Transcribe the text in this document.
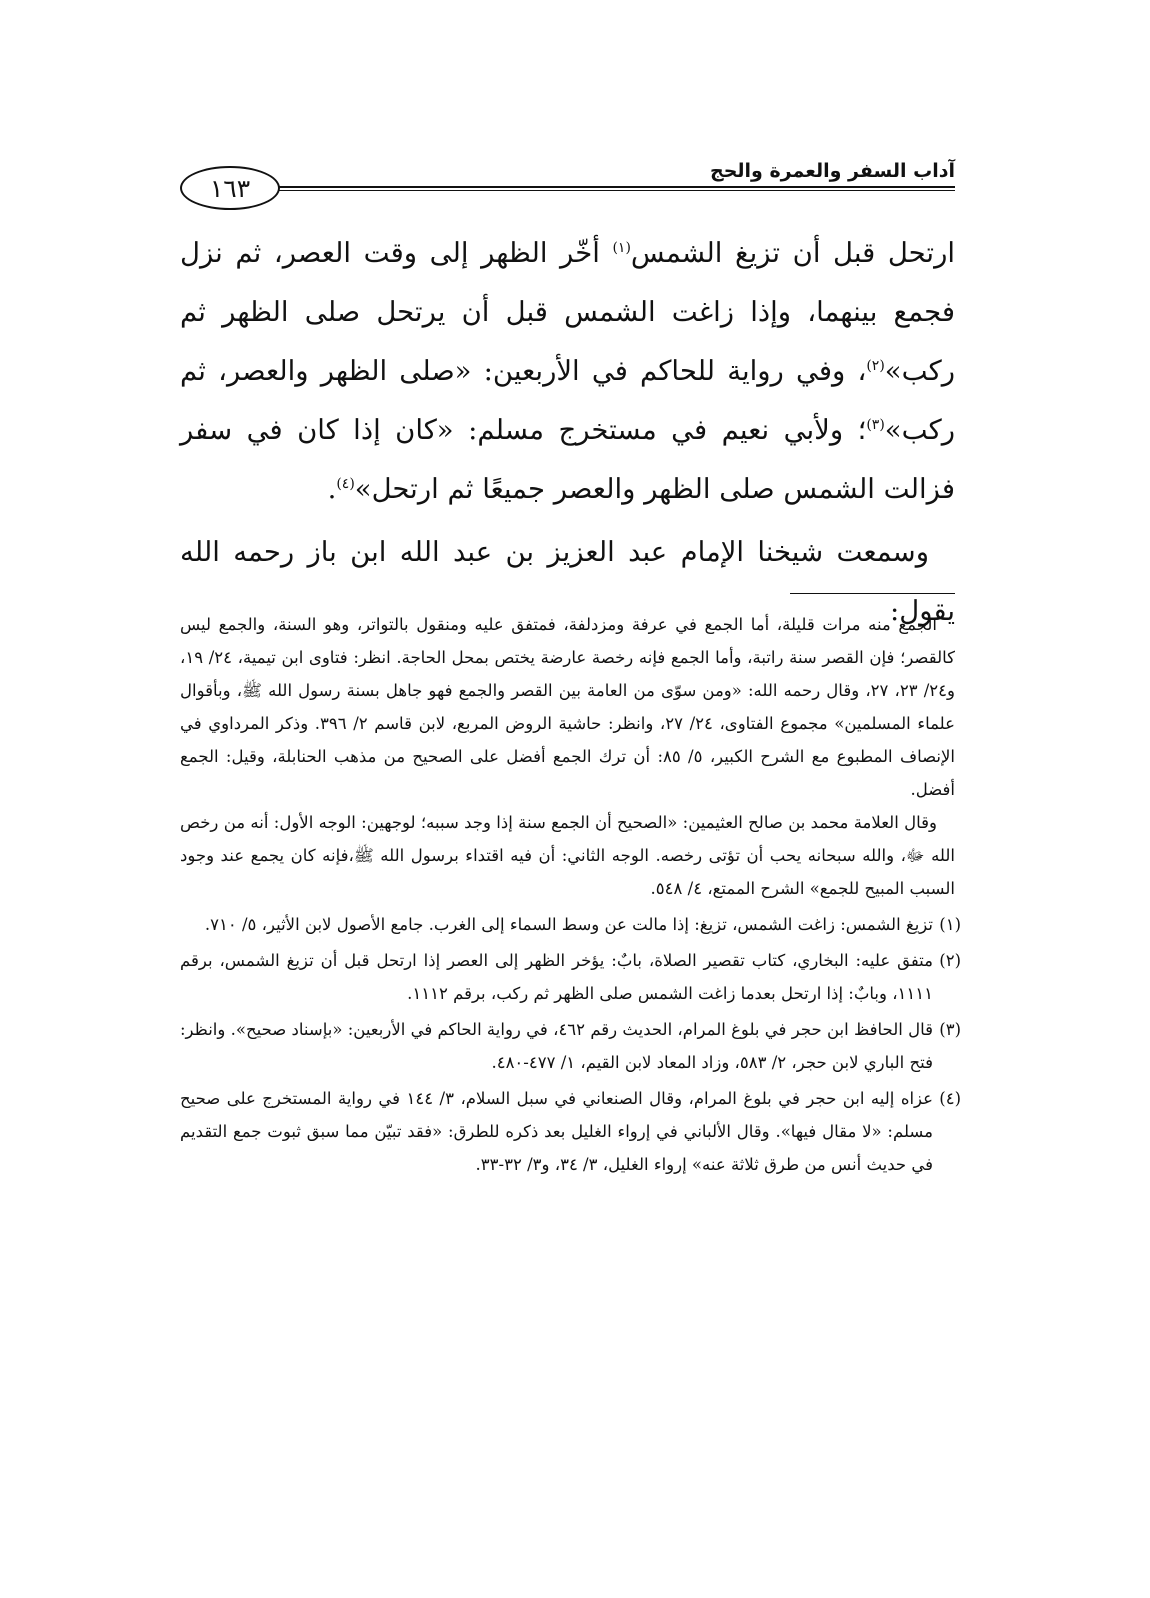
آداب السفر والعمرة والحج
١٦٣

ارتحل قبل أن تزيغ الشمس$^{(١)}$ أخّر الظهر إلى وقت العصر، ثم نزل فجمع بينهما، وإذا زاغت الشمس قبل أن يرتحل صلى الظهر ثم ركب»$^{(٢)}$، وفي رواية للحاكم في الأربعين: «صلى الظهر والعصر، ثم ركب»$^{(٣)}$؛ ولأبي نعيم في مستخرج مسلم: «كان إذا كان في سفر فزالت الشمس صلى الظهر والعصر جميعًا ثم ارتحل»$^{(٤)}$.

وسمعت شيخنا الإمام عبد العزيز بن عبد الله ابن باز رحمه الله يقول:

الجمع منه مرات قليلة، أما الجمع في عرفة ومزدلفة، فمتفق عليه ومنقول بالتواتر، وهو السنة، والجمع ليس كالقصر؛ فإن القصر سنة راتبة، وأما الجمع فإنه رخصة عارضة يختص بمحل الحاجة. انظر: فتاوى ابن تيمية، ٢٤/ ١٩، و٢٤/ ٢٣، ٢٧، وقال رحمه الله: «ومن سوّى من العامة بين القصر والجمع فهو جاهل بسنة رسول الله ﷺ، وبأقوال علماء المسلمين» مجموع الفتاوى، ٢٤/ ٢٧، وانظر: حاشية الروض المربع، لابن قاسم ٢/ ٣٩٦. وذكر المرداوي في الإنصاف المطبوع مع الشرح الكبير، ٥/ ٨٥: أن ترك الجمع أفضل على الصحيح من مذهب الحنابلة، وقيل: الجمع أفضل.

وقال العلامة محمد بن صالح العثيمين: «الصحيح أن الجمع سنة إذا وجد سببه؛ لوجهين: الوجه الأول: أنه من رخص الله ﷻ، والله سبحانه يحب أن تؤتى رخصه. الوجه الثاني: أن فيه اقتداء برسول الله ﷺ،فإنه كان يجمع عند وجود السبب المبيح للجمع» الشرح الممتع، ٤/ ٥٤٨.

(١)
تزيغ الشمس: زاغت الشمس، تزيغ: إذا مالت عن وسط السماء إلى الغرب. جامع الأصول لابن الأثير، ٥/ ٧١٠.

(٢)
متفق عليه: البخاري، كتاب تقصير الصلاة، بابٌ: يؤخر الظهر إلى العصر إذا ارتحل قبل أن تزيغ الشمس، برقم ١١١١، وبابٌ: إذا ارتحل بعدما زاغت الشمس صلى الظهر ثم ركب، برقم ١١١٢.

(٣)
قال الحافظ ابن حجر في بلوغ المرام، الحديث رقم ٤٦٢، في رواية الحاكم في الأربعين: «بإسناد صحيح». وانظر: فتح الباري لابن حجر، ٢/ ٥٨٣، وزاد المعاد لابن القيم، ١/ ٤٧٧-٤٨٠.

(٤)
عزاه إليه ابن حجر في بلوغ المرام، وقال الصنعاني في سبل السلام، ٣/ ١٤٤ في رواية المستخرج على صحيح مسلم: «لا مقال فيها». وقال الألباني في إرواء الغليل بعد ذكره للطرق: «فقد تبيّن مما سبق ثبوت جمع التقديم في حديث أنس من طرق ثلاثة عنه» إرواء الغليل، ٣/ ٣٤، و٣/ ٣٢-٣٣.
